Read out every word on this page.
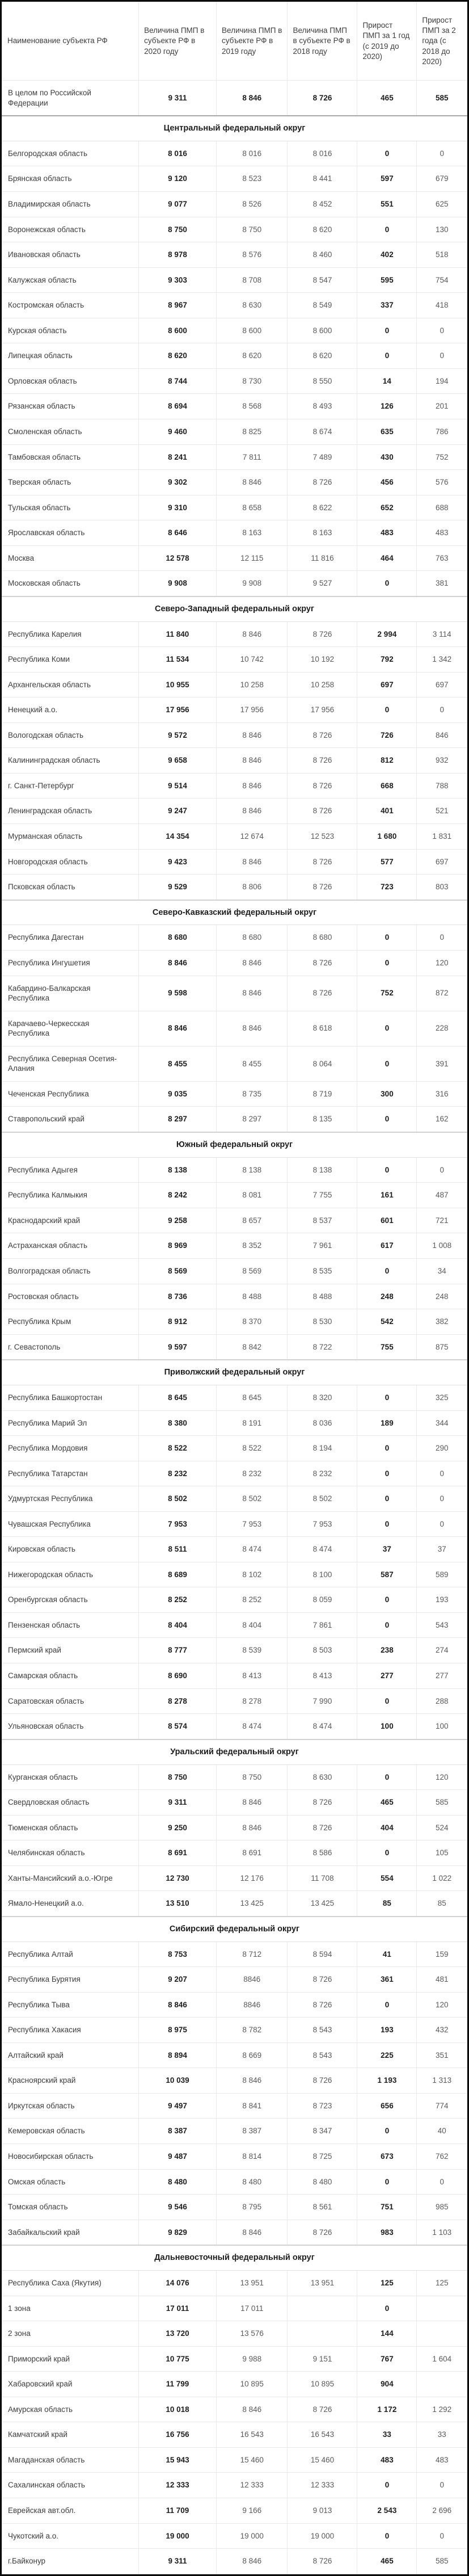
Наименование субъекта РФ	Величина ПМП в субъекте РФ в 2020 году	Величина ПМП в субъекте РФ в 2019 году	Величина ПМП в субъекте РФ в 2018 году	Прирост ПМП за 1 год (с 2019 до 2020)	Прирост ПМП за 2 года (с 2018 до 2020)
В целом по Российской Федерации	9 311	8 846	8 726	465	585
Центральный федеральный округ					
Белгородская область	8 016	8 016	8 016	0	0
Брянская область	9 120	8 523	8 441	597	679
Владимирская область	9 077	8 526	8 452	551	625
Воронежская область	8 750	8 750	8 620	0	130
Ивановская область	8 978	8 576	8 460	402	518
Калужская область	9 303	8 708	8 547	595	754
Костромская область	8 967	8 630	8 549	337	418
Курская область	8 600	8 600	8 600	0	0
Липецкая область	8 620	8 620	8 620	0	0
Орловская область	8 744	8 730	8 550	14	194
Рязанская область	8 694	8 568	8 493	126	201
Смоленская область	9 460	8 825	8 674	635	786
Тамбовская область	8 241	7 811	7 489	430	752
Тверская область	9 302	8 846	8 726	456	576
Тульская область	9 310	8 658	8 622	652	688
Ярославская область	8 646	8 163	8 163	483	483
Москва	12 578	12 115	11 816	464	763
Московская область	9 908	9 908	9 527	0	381
Северо-Западный федеральный округ					
Республика Карелия	11 840	8 846	8 726	2 994	3 114
Республика Коми	11 534	10 742	10 192	792	1 342
Архангельская область	10 955	10 258	10 258	697	697
Ненецкий а.о.	17 956	17 956	17 956	0	0
Вологодская область	9 572	8 846	8 726	726	846
Калининградская область	9 658	8 846	8 726	812	932
г. Санкт-Петербург	9 514	8 846	8 726	668	788
Ленинградская область	9 247	8 846	8 726	401	521
Мурманская область	14 354	12 674	12 523	1 680	1 831
Новгородская область	9 423	8 846	8 726	577	697
Псковская область	9 529	8 806	8 726	723	803
Северо-Кавказский федеральный округ					
Республика Дагестан	8 680	8 680	8 680	0	0
Республика Ингушетия	8 846	8 846	8 726	0	120
Кабардино-Балкарская Республика	9 598	8 846	8 726	752	872
Карачаево-Черкесская Республика	8 846	8 846	8 618	0	228
Республика Северная Осетия-Алания	8 455	8 455	8 064	0	391
Чеченская Республика	9 035	8 735	8 719	300	316
Ставропольский край	8 297	8 297	8 135	0	162
Южный федеральный округ					
Республика Адыгея	8 138	8 138	8 138	0	0
Республика Калмыкия	8 242	8 081	7 755	161	487
Краснодарский край	9 258	8 657	8 537	601	721
Астраханская область	8 969	8 352	7 961	617	1 008
Волгоградская область	8 569	8 569	8 535	0	34
Ростовская область	8 736	8 488	8 488	248	248
Республика Крым	8 912	8 370	8 530	542	382
г. Севастополь	9 597	8 842	8 722	755	875
Приволжский федеральный округ					
Республика Башкортостан	8 645	8 645	8 320	0	325
Республика Марий Эл	8 380	8 191	8 036	189	344
Республика Мордовия	8 522	8 522	8 194	0	290
Республика Татарстан	8 232	8 232	8 232	0	0
Удмуртская Республика	8 502	8 502	8 502	0	0
Чувашская Республика	7 953	7 953	7 953	0	0
Кировская область	8 511	8 474	8 474	37	37
Нижегородская область	8 689	8 102	8 100	587	589
Оренбургская область	8 252	8 252	8 059	0	193
Пензенская область	8 404	8 404	7 861	0	543
Пермский край	8 777	8 539	8 503	238	274
Самарская область	8 690	8 413	8 413	277	277
Саратовская область	8 278	8 278	7 990	0	288
Ульяновская область	8 574	8 474	8 474	100	100
Уральский федеральный округ					
Курганская область	8 750	8 750	8 630	0	120
Свердловская область	9 311	8 846	8 726	465	585
Тюменская область	9 250	8 846	8 726	404	524
Челябинская область	8 691	8 691	8 586	0	105
Ханты-Мансийский а.о.-Югре	12 730	12 176	11 708	554	1 022
Ямало-Ненецкий а.о.	13 510	13 425	13 425	85	85
Сибирский федеральный округ					
Республика Алтай	8 753	8 712	8 594	41	159
Республика Бурятия	9 207	8846	8 726	361	481
Республика Тыва	8 846	8846	8 726	0	120
Республика Хакасия	8 975	8 782	8 543	193	432
Алтайский край	8 894	8 669	8 543	225	351
Красноярский край	10 039	8 846	8 726	1 193	1 313
Иркутская область	9 497	8 841	8 723	656	774
Кемеровская область	8 387	8 387	8 347	0	40
Новосибирская область	9 487	8 814	8 725	673	762
Омская область	8 480	8 480	8 480	0	0
Томская область	9 546	8 795	8 561	751	985
Забайкальский край	9 829	8 846	8 726	983	1 103
Дальневосточный федеральный округ					
Республика Саха (Якутия)	14 076	13 951	13 951	125	125
1 зона	17 011	17 011		0	
2 зона	13 720	13 576		144	
Приморский край	10 775	9 988	9 151	767	1 604
Хабаровский край	11 799	10 895	10 895	904	
Амурская область	10 018	8 846	8 726	1 172	1 292
Камчатский край	16 756	16 543	16 543	33	33
Магаданская область	15 943	15 460	15 460	483	483
Сахалинская область	12 333	12 333	12 333	0	0
Еврейская авт.обл.	11 709	9 166	9 013	2 543	2 696
Чукотский а.о.	19 000	19 000	19 000	0	0
г.Байконур	9 311	8 846	8 726	465	585
